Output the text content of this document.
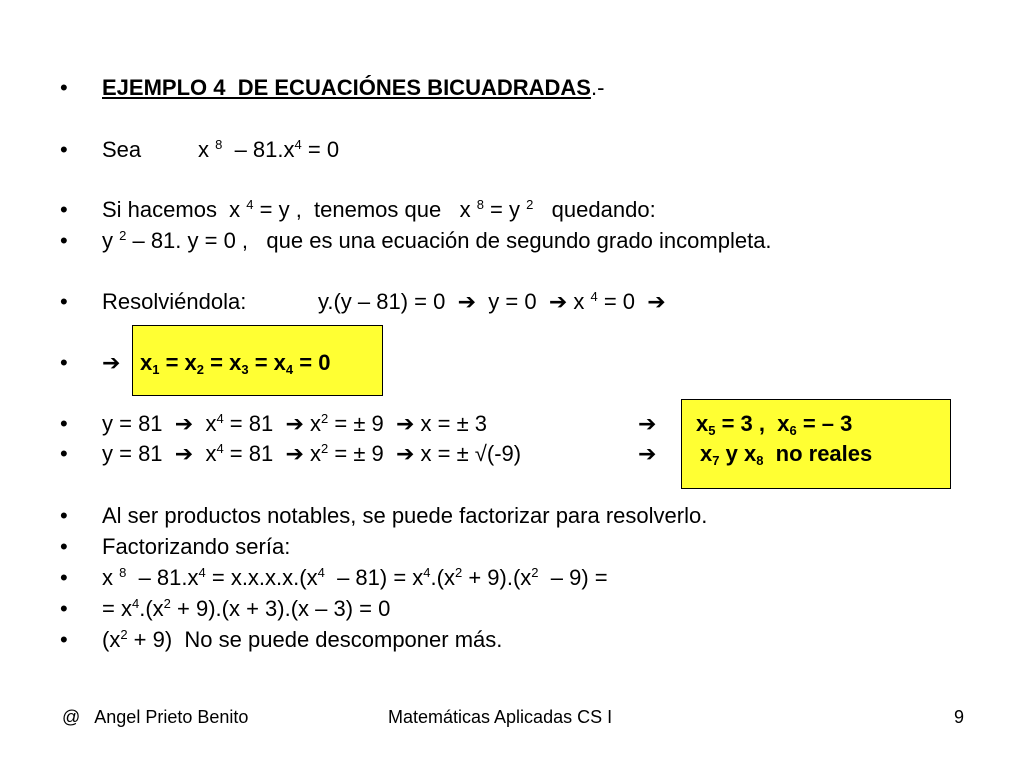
•

EJEMPLO 4  DE ECUACIÓNES BICUADRADAS.-

•

Sea

	x $^8 - 81.x^4 = 0$

•

Si hacemos  x $^4$ = y ,  tenemos que   x $^8$ = y $^2$   quedando:

•

y $^2$ – 81. y = 0 ,   que es una ecuación de segundo grado incompleta.

•

Resolviéndola:

	y.(y – 81) = 0  ➔  y = 0  ➔ x $^4$ = 0  ➔

•

➔

$x_1 = x_2 = x_3 = x_4 = 0$

•

y = 81  ➔  $x^4 = 81$  ➔ $x^2$ = ± 9  ➔ x = ± 3

	➔

$x_5 = 3$ ,  $x_6$ = – 3

•

y = 81  ➔  $x^4 = 81$  ➔ $x^2$ = ± 9  ➔ x = ± √(-9)

	➔

$x_7$ y $x_8$  no reales

•

Al ser productos notables, se puede factorizar para resolverlo.

•

Factorizando sería:

•

x $^8 - 81.x^4 = x.x.x.x.(x^4 - 81) = x^4.(x^2 + 9).(x^2 - 9)$ =

•

= $x^4.(x^2 + 9).(x + 3).(x - 3) = 0$

•

$(x^2 + 9)$  No se puede descomponer más.

@   Angel Prieto Benito	Matemáticas Aplicadas CS I	9
